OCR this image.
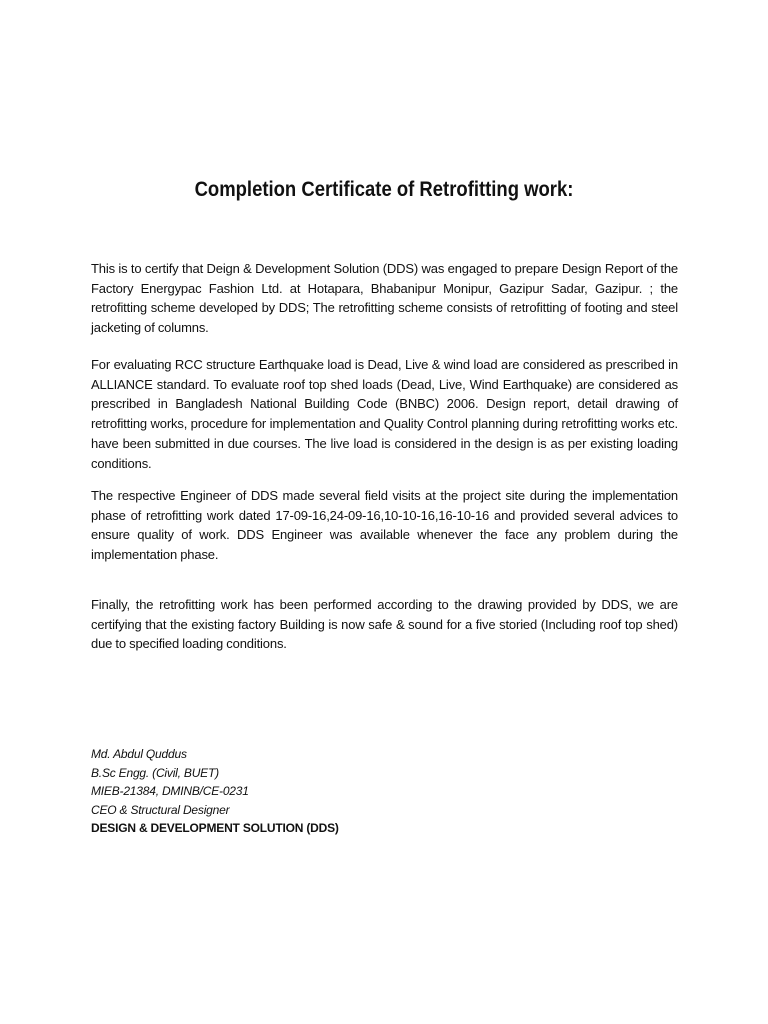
Completion Certificate of Retrofitting work:

This is to certify that Deign & Development Solution (DDS) was engaged to prepare Design Report of the Factory Energypac Fashion Ltd. at Hotapara, Bhabanipur Monipur, Gazipur Sadar, Gazipur. ; the retrofitting scheme developed by DDS; The retrofitting scheme consists of retrofitting of footing and steel jacketing of columns.

For evaluating RCC structure Earthquake load is Dead, Live & wind load are considered as prescribed in ALLIANCE standard. To evaluate roof top shed loads (Dead, Live, Wind Earthquake) are considered as prescribed in Bangladesh National Building Code (BNBC) 2006. Design report, detail drawing of retrofitting works, procedure for implementation and Quality Control planning during retrofitting works etc. have been submitted in due courses. The live load is considered in the design is as per existing loading conditions.

The respective Engineer of DDS made several field visits at the project site during the implementation phase of retrofitting work dated 17-09-16,24-09-16,10-10-16,16-10-16 and provided several advices to ensure quality of work. DDS Engineer was available whenever the face any problem during the implementation phase.

Finally, the retrofitting work has been performed according to the drawing provided by DDS, we are certifying that the existing factory Building is now safe & sound for a five storied (Including roof top shed) due to specified loading conditions.

Md. Abdul Quddus
B.Sc Engg. (Civil, BUET)
MIEB-21384, DMINB/CE-0231
CEO & Structural Designer
DESIGN & DEVELOPMENT SOLUTION (DDS)
